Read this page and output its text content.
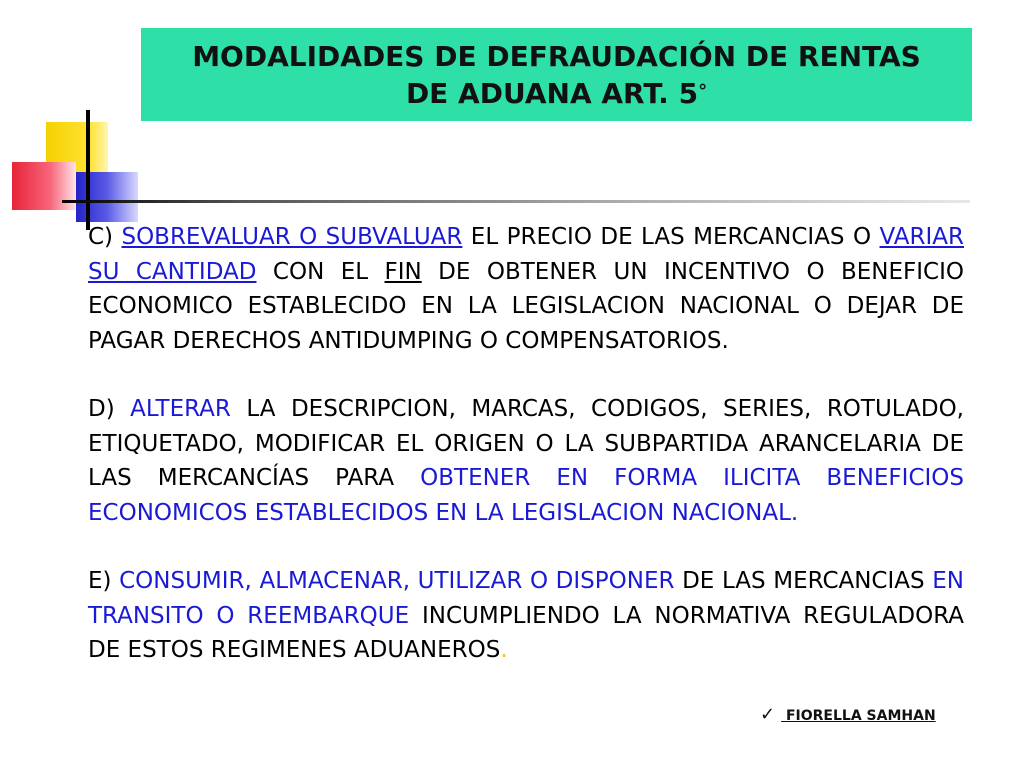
MODALIDADES DE DEFRAUDACIÓN DE RENTAS DE ADUANA ART. 5°

C) SOBREVALUAR O SUBVALUAR EL PRECIO DE LAS MERCANCIAS O VARIAR SU CANTIDAD CON EL FIN DE OBTENER UN INCENTIVO O BENEFICIO ECONOMICO ESTABLECIDO EN LA LEGISLACION NACIONAL O DEJAR DE PAGAR DERECHOS ANTIDUMPING O COMPENSATORIOS.

D) ALTERAR LA DESCRIPCION, MARCAS, CODIGOS, SERIES, ROTULADO, ETIQUETADO, MODIFICAR EL ORIGEN O LA SUBPARTIDA ARANCELARIA DE LAS MERCANCÍAS PARA OBTENER EN FORMA ILICITA BENEFICIOS ECONOMICOS ESTABLECIDOS EN LA LEGISLACION NACIONAL.

E) CONSUMIR, ALMACENAR, UTILIZAR O DISPONER DE LAS MERCANCIAS EN TRANSITO O REEMBARQUE INCUMPLIENDO LA NORMATIVA REGULADORA DE ESTOS REGIMENES ADUANEROS.

✓ FIORELLA SAMHAN
